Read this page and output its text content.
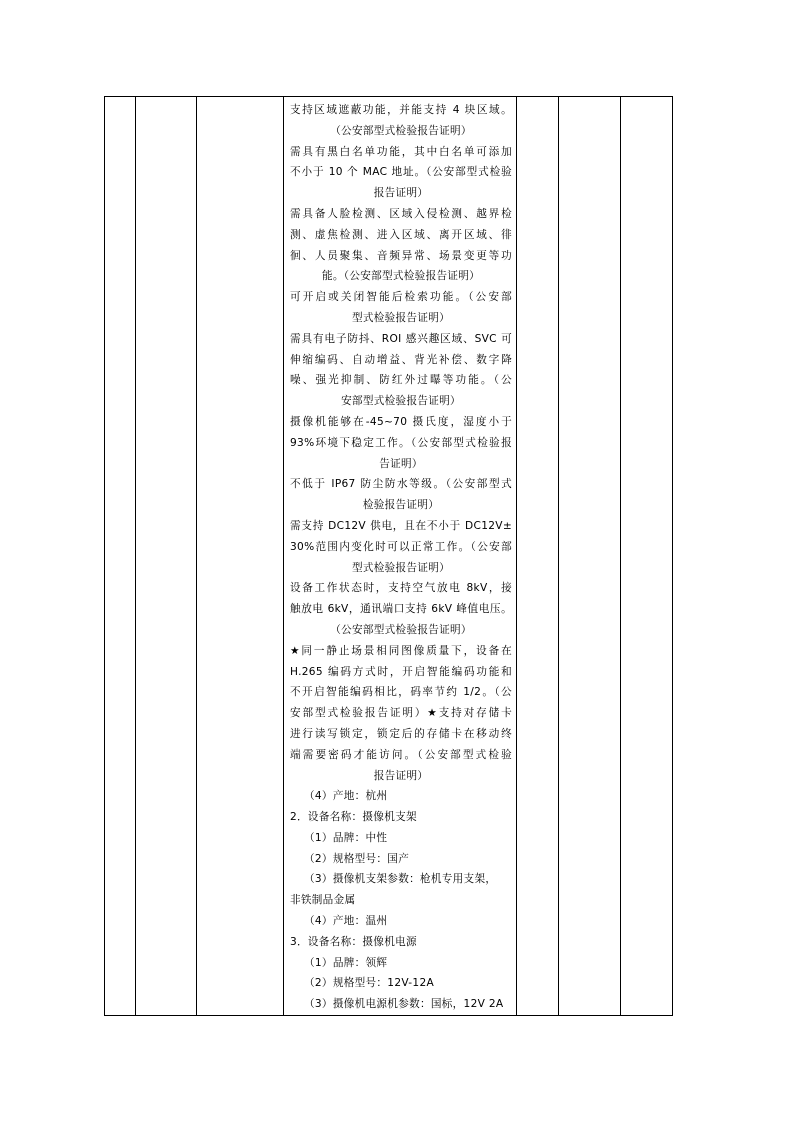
支持区域遮蔽功能，并能支持 4 块区域。
（公安部型式检验报告证明）
需具有黑白名单功能，其中白名单可添加
不小于 10 个 MAC 地址。（公安部型式检验
报告证明）
需具备人脸检测、区域入侵检测、越界检
测、虚焦检测、进入区域、离开区域、徘
徊、人员聚集、音频异常、场景变更等功
能。（公安部型式检验报告证明）
可开启或关闭智能后检索功能。（公安部
型式检验报告证明）
需具有电子防抖、ROI 感兴趣区域、SVC 可
伸缩编码、自动增益、背光补偿、数字降
噪、强光抑制、防红外过曝等功能。（公
安部型式检验报告证明）
摄像机能够在-45~70 摄氏度，湿度小于
93%环境下稳定工作。（公安部型式检验报
告证明）
不低于 IP67 防尘防水等级。（公安部型式
检验报告证明）
需支持 DC12V 供电，且在不小于 DC12V±
30%范围内变化时可以正常工作。（公安部
型式检验报告证明）
设备工作状态时，支持空气放电 8kV，接
触放电 6kV，通讯端口支持 6kV 峰值电压。
（公安部型式检验报告证明）
★同一静止场景相同图像质量下，设备在
H.265 编码方式时，开启智能编码功能和
不开启智能编码相比，码率节约 1/2。（公
安部型式检验报告证明）★支持对存储卡
进行读写锁定，锁定后的存储卡在移动终
端需要密码才能访问。（公安部型式检验
报告证明）
（4）产地：杭州
2．设备名称：摄像机支架
（1）品牌：中性
（2）规格型号：国产
（3）摄像机支架参数：枪机专用支架，
非铁制品金属
（4）产地：温州
3．设备名称：摄像机电源
（1）品牌：领辉
（2）规格型号：12V-12A
（3）摄像机电源机参数：国标，12V 2A
